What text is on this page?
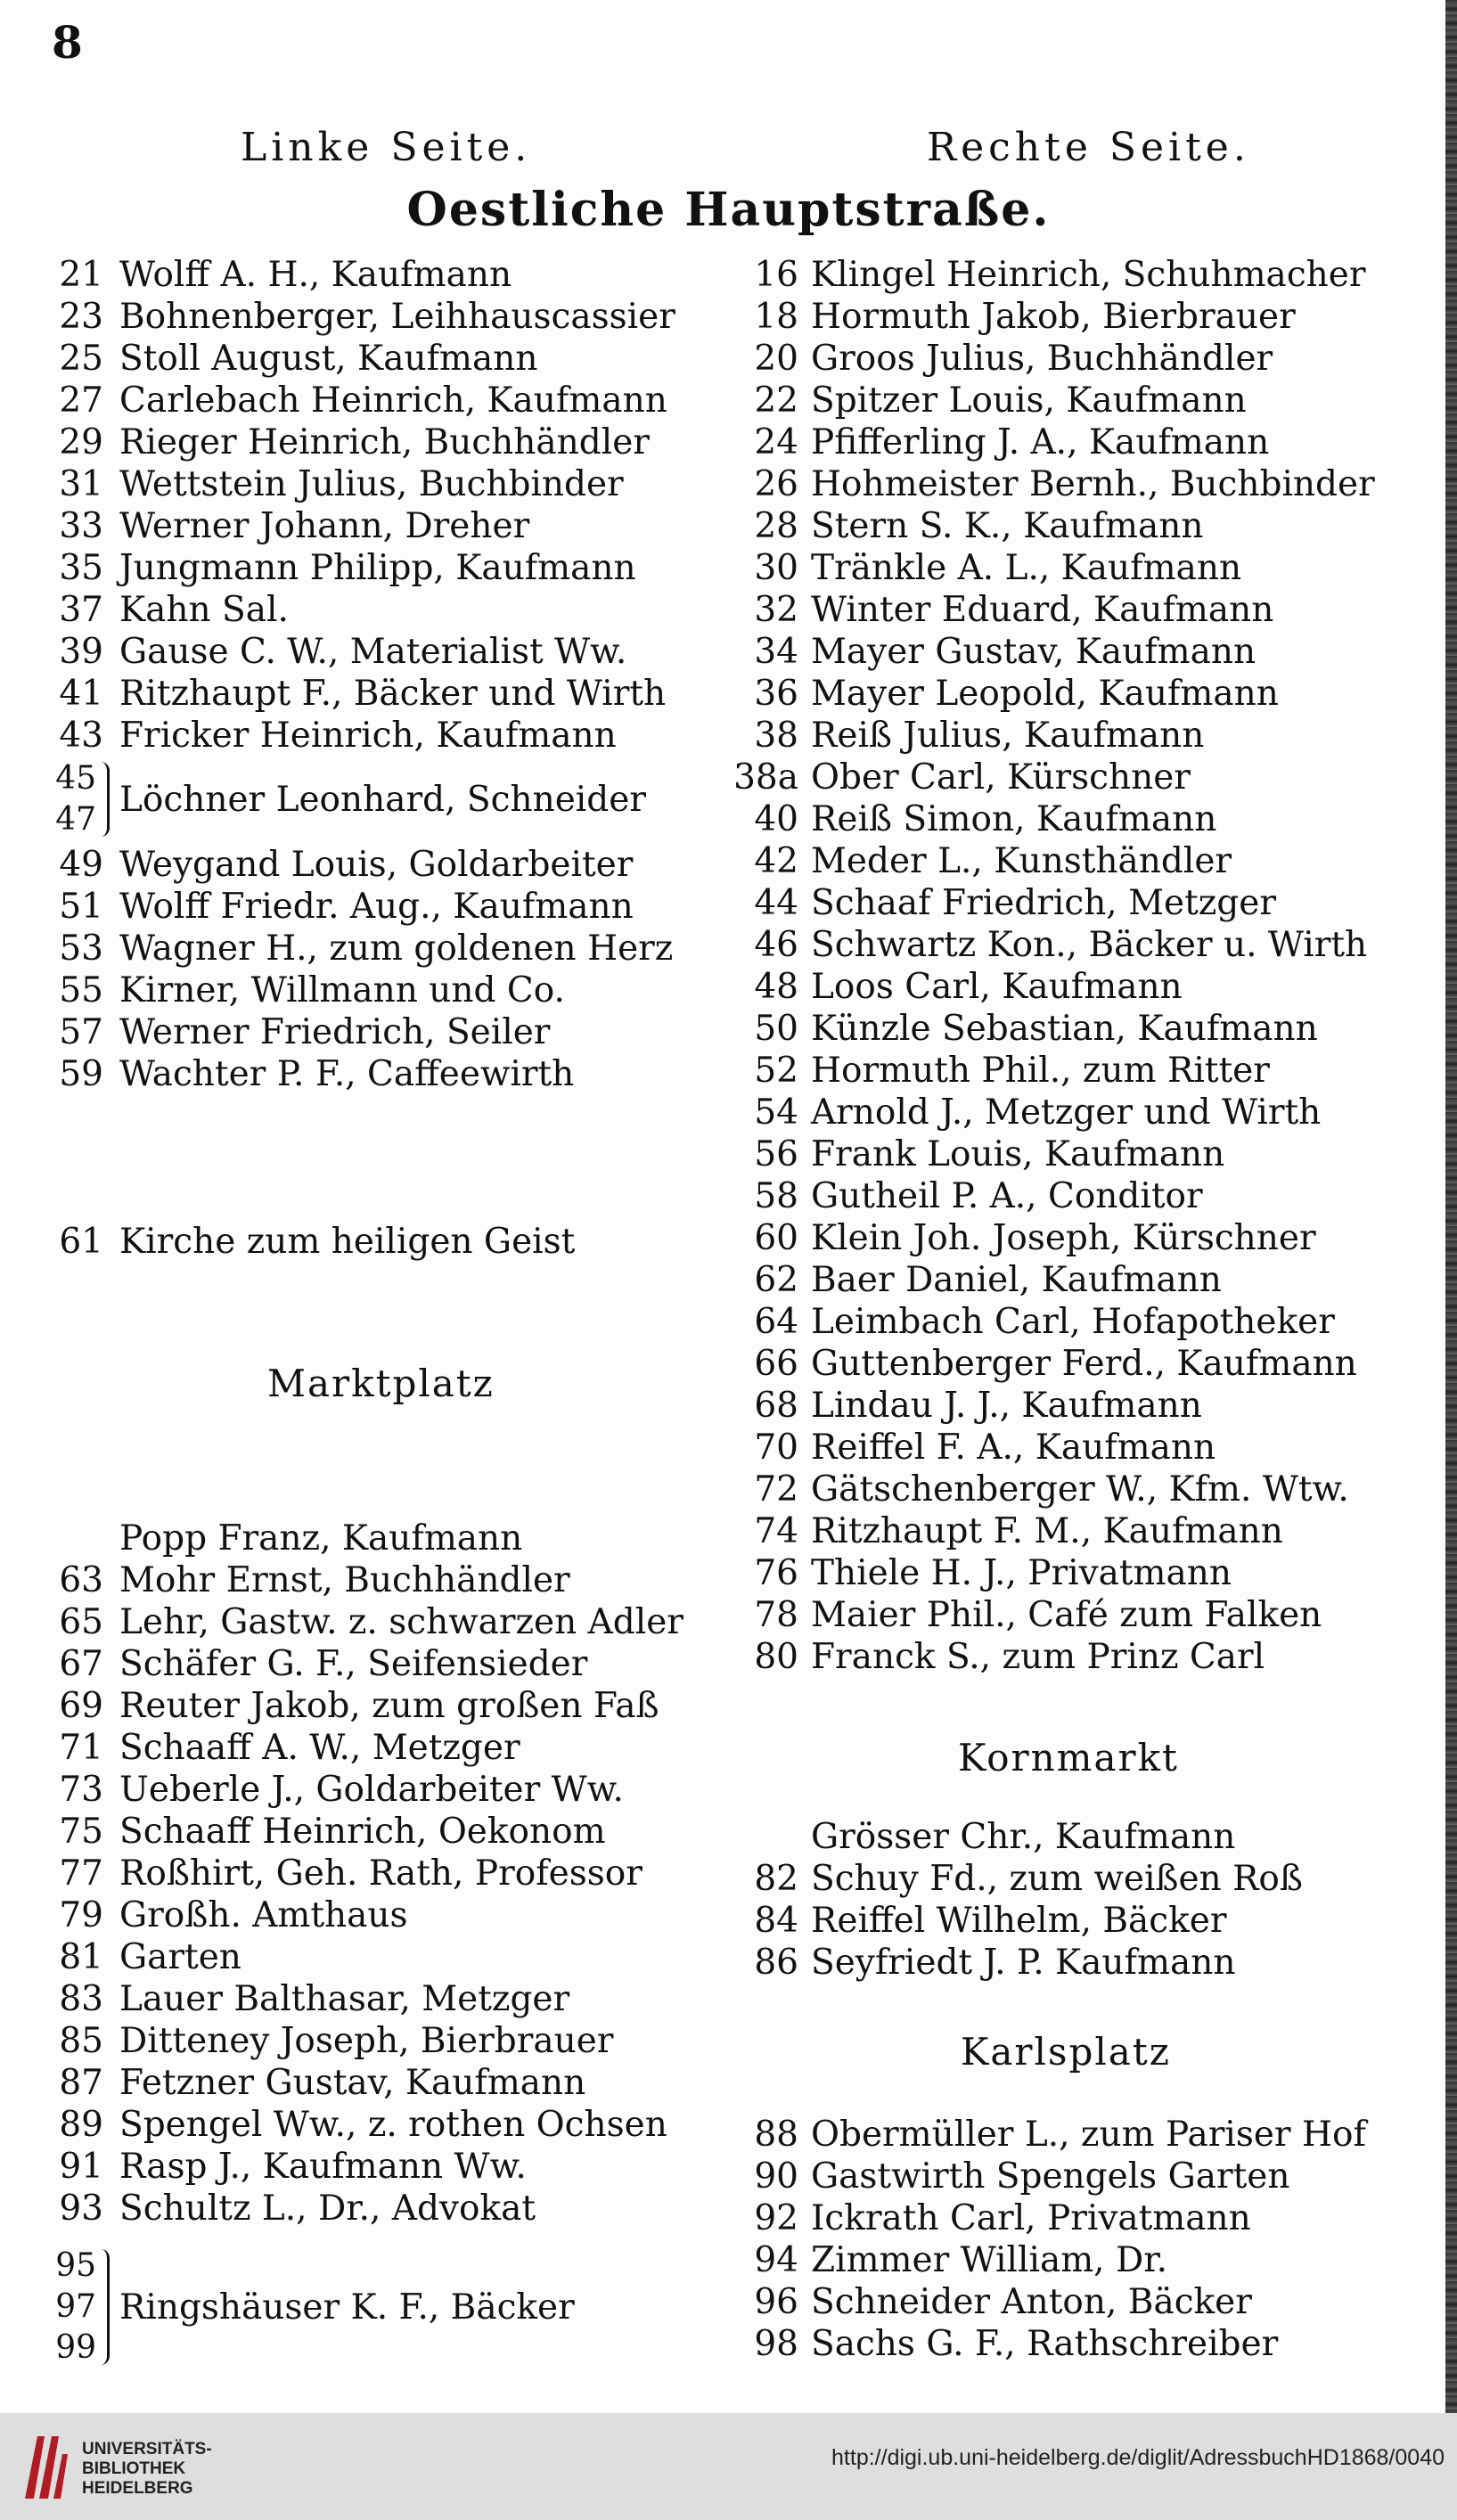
8
Linke Seite.	Rechte Seite.
Oestliche Hauptstraße.
21 Wolff A. H., Kaufmann
23 Bohnenberger, Leihhauscassier
25 Stoll August, Kaufmann
27 Carlebach Heinrich, Kaufmann
29 Rieger Heinrich, Buchhändler
31 Wettstein Julius, Buchbinder
33 Werner Johann, Dreher
35 Jungmann Philipp, Kaufmann
37 Kahn Sal.
39 Gause C. W., Materialist Ww.
41 Ritzhaupt F., Bäcker und Wirth
43 Fricker Heinrich, Kaufmann
45
47 Löchner Leonhard, Schneider
49 Weygand Louis, Goldarbeiter
51 Wolff Friedr. Aug., Kaufmann
53 Wagner H., zum goldenen Herz
55 Kirner, Willmann und Co.
57 Werner Friedrich, Seiler
59 Wachter P. F., Caffeewirth
61 Kirche zum heiligen Geist
Popp Franz, Kaufmann
63 Mohr Ernst, Buchhändler
65 Lehr, Gastw. z. schwarzen Adler
67 Schäfer G. F., Seifensieder
69 Reuter Jakob, zum großen Faß
71 Schaaff A. W., Metzger
73 Ueberle J., Goldarbeiter Ww.
75 Schaaff Heinrich, Oekonom
77 Roßhirt, Geh. Rath, Professor
79 Großh. Amthaus
81 Garten
83 Lauer Balthasar, Metzger
85 Ditteney Joseph, Bierbrauer
87 Fetzner Gustav, Kaufmann
89 Spengel Ww., z. rothen Ochsen
91 Rasp J., Kaufmann Ww.
93 Schultz L., Dr., Advokat
95
97
99
Ringshäuser K. F., Bäcker
16 Klingel Heinrich, Schuhmacher
18 Hormuth Jakob, Bierbrauer
20 Groos Julius, Buchhändler
22 Spitzer Louis, Kaufmann
24 Pfifferling J. A., Kaufmann
26 Hohmeister Bernh., Buchbinder
28 Stern S. K., Kaufmann
30 Tränkle A. L., Kaufmann
32 Winter Eduard, Kaufmann
34 Mayer Gustav, Kaufmann
36 Mayer Leopold, Kaufmann
38 Reiß Julius, Kaufmann
38a Ober Carl, Kürschner
40 Reiß Simon, Kaufmann
42 Meder L., Kunsthändler
44 Schaaf Friedrich, Metzger
46 Schwartz Kon., Bäcker u. Wirth
48 Loos Carl, Kaufmann
50 Künzle Sebastian, Kaufmann
52 Hormuth Phil., zum Ritter
54 Arnold J., Metzger und Wirth
56 Frank Louis, Kaufmann
58 Gutheil P. A., Conditor
60 Klein Joh. Joseph, Kürschner
62 Baer Daniel, Kaufmann
64 Leimbach Carl, Hofapotheker
66 Guttenberger Ferd., Kaufmann
68 Lindau J. J., Kaufmann
70 Reiffel F. A., Kaufmann
72 Gätschenberger W., Kfm. Wtw.
74 Ritzhaupt F. M., Kaufmann
76 Thiele H. J., Privatmann
78 Maier Phil., Café zum Falken
80 Franck S., zum Prinz Carl
Grösser Chr., Kaufmann
82 Schuy Fd., zum weißen Roß
84 Reiffel Wilhelm, Bäcker
86 Seyfriedt J. P. Kaufmann
88 Obermüller L., zum Pariser Hof
90 Gastwirth Spengels Garten
92 Ickrath Carl, Privatmann
94 Zimmer William, Dr.
96 Schneider Anton, Bäcker
98 Sachs G. F., Rathschreiber
Marktplatz
Kornmarkt
Karlsplatz
UNIVERSITÄTS-
BIBLIOTHEK
HEIDELBERG
http://digi.ub.uni-heidelberg.de/diglit/AdressbuchHD1868/0040
